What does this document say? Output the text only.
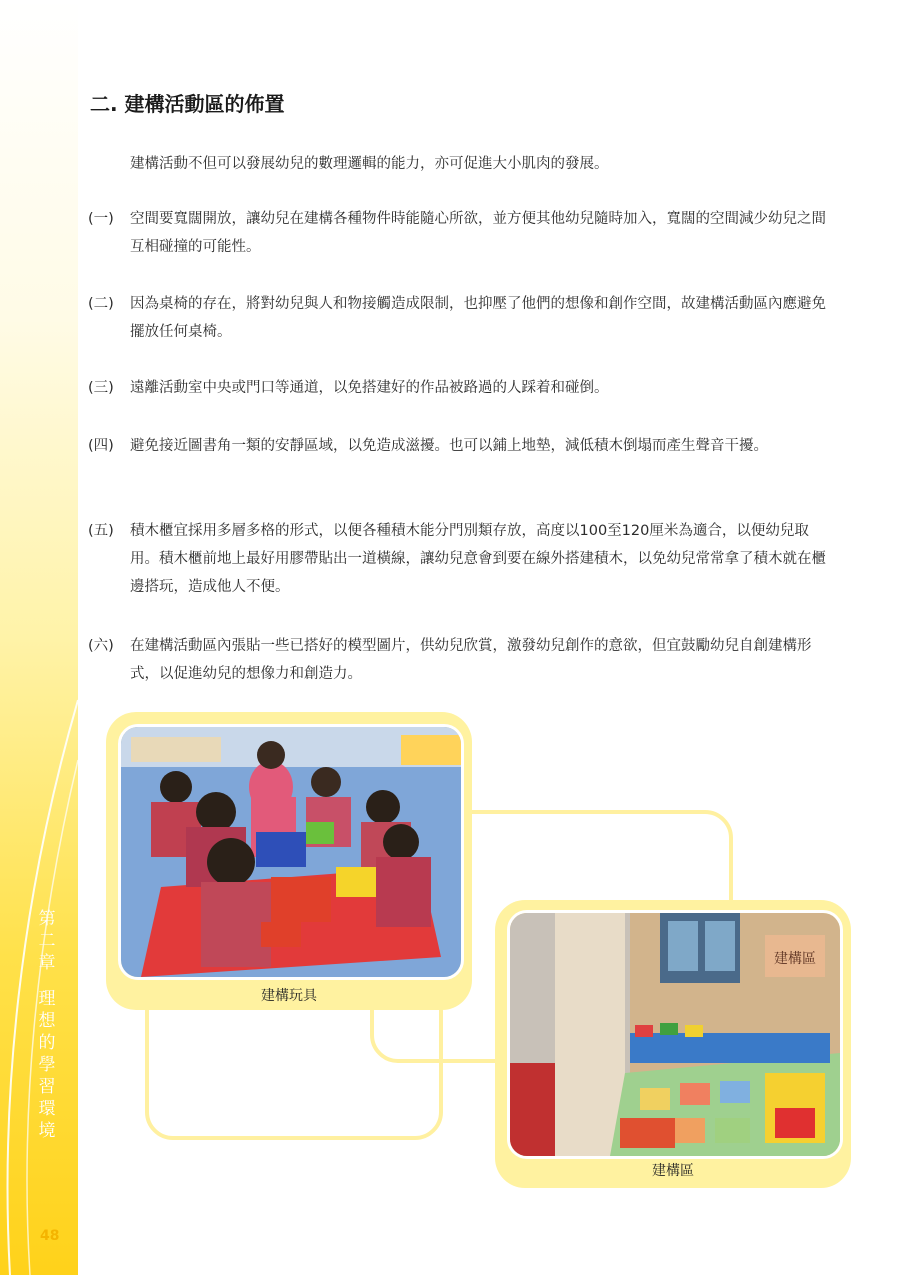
第
二
章
理
想
的
學
習
環
境
48
二. 建構活動區的佈置
建構活動不但可以發展幼兒的數理邏輯的能力，亦可促進大小肌肉的發展。
(一)	空間要寬闊開放，讓幼兒在建構各種物件時能隨心所欲，並方便其他幼兒隨時加入，寬闊的空間減少幼兒之間互相碰撞的可能性。
(二)	因為桌椅的存在，將對幼兒與人和物接觸造成限制，也抑壓了他們的想像和創作空間，故建構活動區內應避免擺放任何桌椅。
(三)	遠離活動室中央或門口等通道，以免搭建好的作品被路過的人踩着和碰倒。
(四)	避免接近圖書角一類的安靜區域，以免造成滋擾。也可以鋪上地墊，減低積木倒塌而產生聲音干擾。
(五)	積木櫃宜採用多層多格的形式，以便各種積木能分門別類存放，高度以100至120厘米為適合，以便幼兒取用。積木櫃前地上最好用膠帶貼出一道橫線，讓幼兒意會到要在線外搭建積木，以免幼兒常常拿了積木就在櫃邊搭玩，造成他人不便。
(六)	在建構活動區內張貼一些已搭好的模型圖片，供幼兒欣賞，激發幼兒創作的意欲，但宜鼓勵幼兒自創建構形式，以促進幼兒的想像力和創造力。
建構玩具
建構區
建構區
